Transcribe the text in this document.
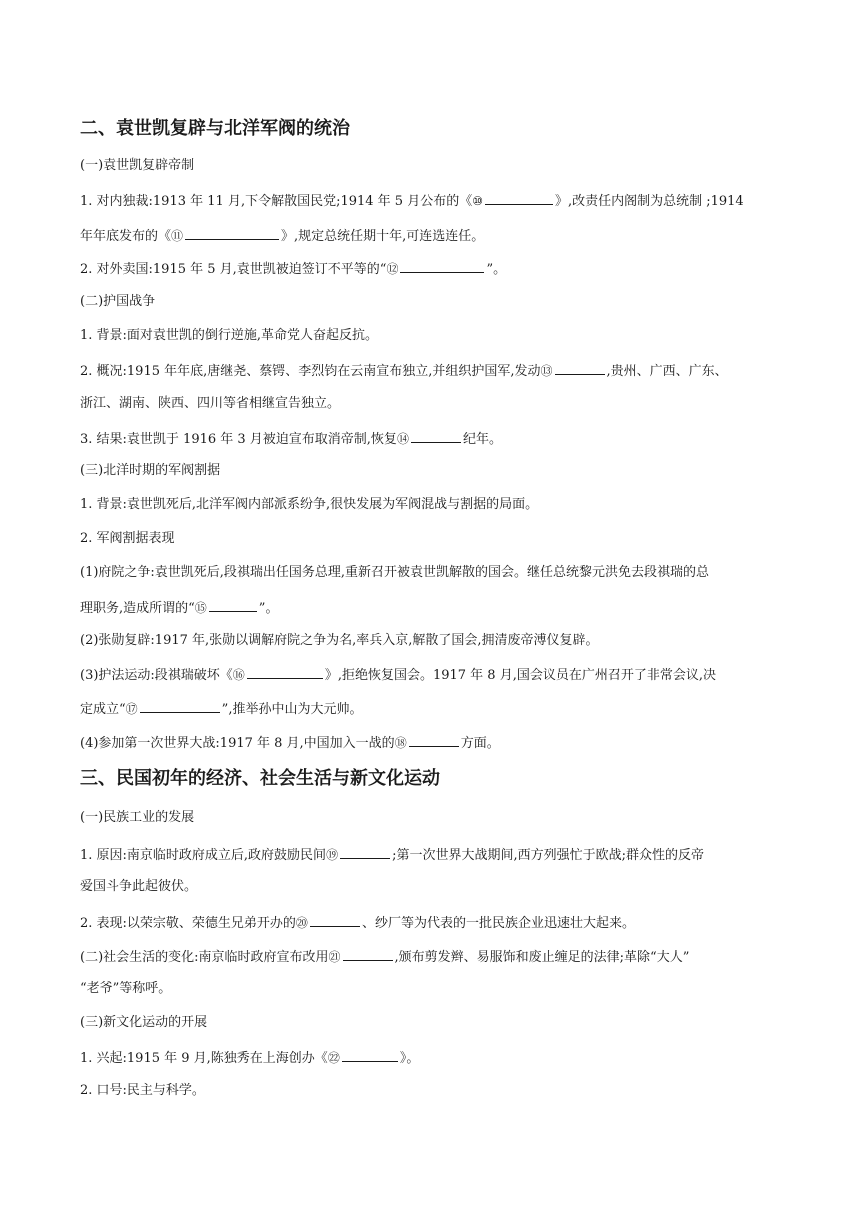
二、袁世凯复辟与北洋军阀的统治
(一)袁世凯复辟帝制
1. 对内独裁:1913 年 11 月,下令解散国民党;1914 年 5 月公布的《⑩	》,改责任内阁制为总统制 ;1914
年年底发布的《⑪	》,规定总统任期十年,可连选连任。
2. 对外卖国:1915 年 5 月,袁世凯被迫签订不平等的“⑫	”。
(二)护国战争
1. 背景:面对袁世凯的倒行逆施,革命党人奋起反抗。
2. 概况:1915 年年底,唐继尧、蔡锷、李烈钧在云南宣布独立,并组织护国军,发动⑬	,贵州、广西、广东、
浙江、湖南、陕西、四川等省相继宣告独立。
3. 结果:袁世凯于 1916 年 3 月被迫宣布取消帝制,恢复⑭	纪年。
(三)北洋时期的军阀割据
1. 背景:袁世凯死后,北洋军阀内部派系纷争,很快发展为军阀混战与割据的局面。
2. 军阀割据表现
(1)府院之争:袁世凯死后,段祺瑞出任国务总理,重新召开被袁世凯解散的国会。继任总统黎元洪免去段祺瑞的总
理职务,造成所谓的“⑮	”。
(2)张勋复辟:1917 年,张勋以调解府院之争为名,率兵入京,解散了国会,拥清废帝溥仪复辟。
(3)护法运动:段祺瑞破坏《⑯	》,拒绝恢复国会。1917 年 8 月,国会议员在广州召开了非常会议,决
定成立“⑰	”,推举孙中山为大元帅。
(4)参加第一次世界大战:1917 年 8 月,中国加入一战的⑱	方面。
三、民国初年的经济、社会生活与新文化运动
(一)民族工业的发展
1. 原因:南京临时政府成立后,政府鼓励民间⑲	;第一次世界大战期间,西方列强忙于欧战;群众性的反帝
爱国斗争此起彼伏。
2. 表现:以荣宗敬、荣德生兄弟开办的⑳	、纱厂等为代表的一批民族企业迅速壮大起来。
(二)社会生活的变化:南京临时政府宣布改用㉑	,颁布剪发辫、易服饰和废止缠足的法律;革除“大人”
“老爷”等称呼。
(三)新文化运动的开展
1. 兴起:1915 年 9 月,陈独秀在上海创办《㉒	》。
2. 口号:民主与科学。
